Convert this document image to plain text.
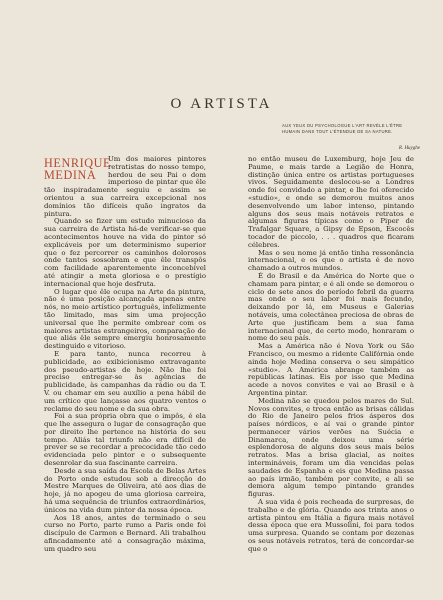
O ARTISTA
AUX YEUX DU PSYCHOLOGUE L'ART REVÈLE L'ÊTRE HUMAIN DANS TOUT L'ÉTENDUE DE SA NATURE.
R. Huyghe
HENRIQUE
MEDINA

Um dos maiores pintores retratistas do nosso tempo, herdou de seu Pai o dom imperioso de pintar que êle tão inspiradamente seguiu e assim se orientou a sua carreira excepcional nos domínios tão difíceis quão ingratos da pintura.

Quando se fizer um estudo minucioso da sua carreira de Artista há-de verificar-se que acontecimentos houve na vida do pintor só explicáveis por um determinismo superior que o fez percorrer os caminhos dolorosos onde tantos sossobram e que êle transpôs com facilidade aparentemente inconcebível até atingir a meta gloriosa e o prestígio internacional que hoje desfruta.

O lugar que êle ocupa na Arte da pintura, não é uma posição alcançada apenas entre nós, no meio artístico português, infelizmente tão limitado, mas sim uma projecção universal que lhe permite ombrear com os maiores artistas estrangeiros, comparação de que aliás êle sempre emergiu honrosamente destinguido e vitorioso.

E para tanto, nunca recorreu à publicidade, ao exibicionismo extravagante dos pseudo-artistas de hoje. Não lhe foi preciso entregar-se às agências de publicidade, às campanhas da rádio ou da T. V. ou chamar em seu auxílio a pena hábil de um crítico que lançasse aos quatro ventos o reclame do seu nome e da sua obra.

Foi a sua própria obra que o impôs, é ela que lhe assegura o lugar de consagração que por direito lhe pertence na história do seu tempo. Aliás tal triunfo não era difícil de prever se se recordar a precocidade tão cedo evidenciada pelo pintor e o subsequente desenrolar da sua fascinante carreira.

Desde a sua saída da Escola de Belas Artes do Porto onde estudou sob a direcção do Mestre Marques de Oliveira, até aos dias de hoje, já no apogeu de uma gloriosa carreira, há uma sequência de triunfos extraordinários, únicos na vida dum pintor da nossa época.

Aos 18 anos, antes de terminado o seu curso no Porto, parte rumo a Paris onde foi discípulo de Carmon e Bernard. Ali trabalhou afincadamente até a consagração máxima, um quadro seu

no então museu de Luxemburg, hoje Jeu de Paume, e mais tarde a Legião de Honra, distinção única entre os artistas portugueses vivos. Seguidamente deslocou-se a Londres onde foi convidado a pintar, e lhe foi oferecido «studio», e onde se demorou muitos anos desenvolvendo um labor intenso, pintando alguns dos seus mais notáveis retratos e algumas figuras típicas como o Piper de Trafalgar Square, a Gipsy de Epson, Escocês tocador de piccolo, . . . quadros que ficaram célebres.

Mas o seu nome já então tinha ressonância internacional, e os que o artista é de novo chamado a outros mundos.

É do Brasil e da América do Norte que o chamam para pintar, e é ali onde se demorou o ciclo de sete anos do período febril da guerra mas onde o seu labor foi mais fecundo, deixando por lá, em Museus e Galerias notáveis, uma colectânea preciosa de obras de Arte que justificam bem a sua fama internacional que, de certo modo, honraram o nome do seu país.

Mas a América não é Nova York ou São Francisco, ou mesmo a ridente Califórnia onde ainda hoje Medina conserva o seu simpático «studio». A América abrange também as repúblicas latinas. Eis por isso que Medina acede a novos convites e vai ao Brasil e à Argentina pintar.

Medina não se quedou pelos mares do Sul. Novos convites, e troca então as brisas cálidas do Rio de Janeiro pelos frios ásperos dos países nórdicos, e aí vai o grande pintor permanecer vários verões na Suécia e Dinamarca, onde deixou uma série esplendorosa de alguns dos seus mais belos retratos. Mas a brisa glacial, as noites intermináveis, foram um dia vencidas pelas saudades de Espanha e eis que Medina passa ao país irmão, também por convite, e ali se demora algum tempo pintando grandes figuras.

A sua vida é pois recheada de surpresas, de trabalho e de glória. Quando aos trinta anos o artista pintou em Itália a figura mais notável dessa época que era Mussolini, foi para todos uma surpresa. Quando se contam por dezenas os seus notáveis retratos, terá de concordar-se que o
